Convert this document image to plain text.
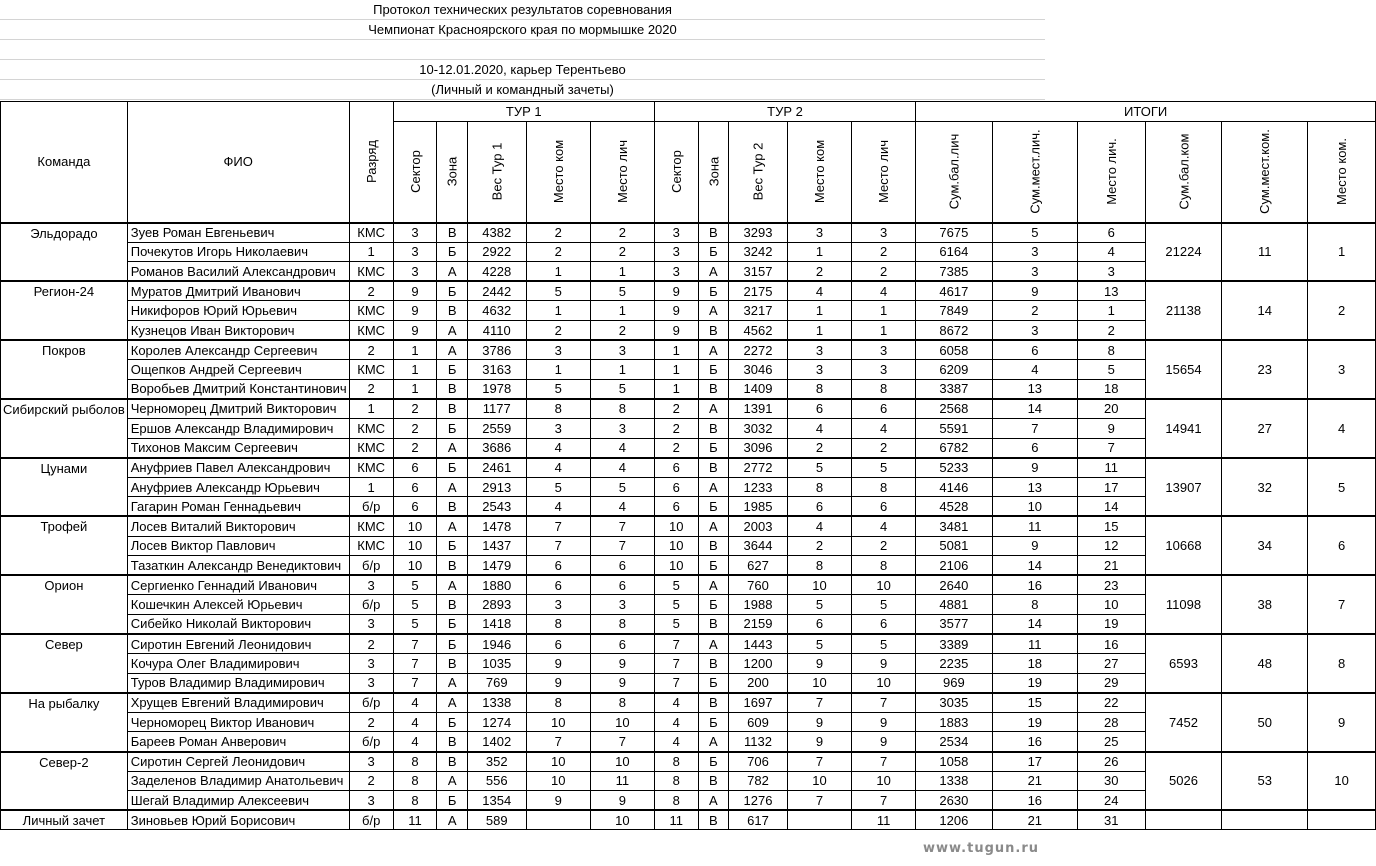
Протокол технических результатов соревнования
Чемпионат Красноярского края по мормышке 2020
10-12.01.2020, карьер Терентьево
(Личный и командный зачеты)
Команда	ФИО	Разряд	ТУР 1					ТУР 2					ИТОГИ					
			Сектор	Зона	Вес Тур 1	Место ком	Место лич	Сектор	Зона	Вес Тур 2	Место ком	Место лич	Сум.бал.лич	Сум.мест.лич.	Место лич.	Сум.бал.ком	Сум.мест.ком.	Место ком.
Эльдорадо	Зуев Роман Евгеньевич	КМС	3	В	4382	2	2	3	В	3293	3	3	7675	5	6	21224	11	1
	Почекутов Игорь Николаевич	1	3	Б	2922	2	2	3	Б	3242	1	2	6164	3	4			
	Романов Василий Александрович	КМС	3	А	4228	1	1	3	А	3157	2	2	7385	3	3			
Регион-24	Муратов Дмитрий Иванович	2	9	Б	2442	5	5	9	Б	2175	4	4	4617	9	13	21138	14	2
	Никифоров Юрий Юрьевич	КМС	9	В	4632	1	1	9	А	3217	1	1	7849	2	1			
	Кузнецов Иван Викторович	КМС	9	А	4110	2	2	9	В	4562	1	1	8672	3	2			
Покров	Королев Александр Сергеевич	2	1	А	3786	3	3	1	А	2272	3	3	6058	6	8	15654	23	3
	Ощепков Андрей Сергеевич	КМС	1	Б	3163	1	1	1	Б	3046	3	3	6209	4	5			
	Воробьев Дмитрий Константинович	2	1	В	1978	5	5	1	В	1409	8	8	3387	13	18			
Сибирский рыболов	Черноморец Дмитрий Викторович	1	2	В	1177	8	8	2	А	1391	6	6	2568	14	20	14941	27	4
	Ершов Александр Владимирович	КМС	2	Б	2559	3	3	2	В	3032	4	4	5591	7	9			
	Тихонов Максим Сергеевич	КМС	2	А	3686	4	4	2	Б	3096	2	2	6782	6	7			
Цунами	Ануфриев Павел Александрович	КМС	6	Б	2461	4	4	6	В	2772	5	5	5233	9	11	13907	32	5
	Ануфриев Александр Юрьевич	1	6	А	2913	5	5	6	А	1233	8	8	4146	13	17			
	Гагарин Роман Геннадьевич	б/р	6	В	2543	4	4	6	Б	1985	6	6	4528	10	14			
Трофей	Лосев Виталий Викторович	КМС	10	А	1478	7	7	10	А	2003	4	4	3481	11	15	10668	34	6
	Лосев Виктор Павлович	КМС	10	Б	1437	7	7	10	В	3644	2	2	5081	9	12			
	Тазаткин Александр Венедиктович	б/р	10	В	1479	6	6	10	Б	627	8	8	2106	14	21			
Орион	Сергиенко Геннадий Иванович	3	5	А	1880	6	6	5	А	760	10	10	2640	16	23	11098	38	7
	Кошечкин Алексей Юрьевич	б/р	5	В	2893	3	3	5	Б	1988	5	5	4881	8	10			
	Сибейко Николай Викторович	3	5	Б	1418	8	8	5	В	2159	6	6	3577	14	19			
Север	Сиротин Евгений Леонидович	2	7	Б	1946	6	6	7	А	1443	5	5	3389	11	16	6593	48	8
	Кочура Олег Владимирович	3	7	В	1035	9	9	7	В	1200	9	9	2235	18	27			
	Туров Владимир Владимирович	3	7	А	769	9	9	7	Б	200	10	10	969	19	29			
На рыбалку	Хрущев Евгений Владимирович	б/р	4	А	1338	8	8	4	В	1697	7	7	3035	15	22	7452	50	9
	Черноморец Виктор Иванович	2	4	Б	1274	10	10	4	Б	609	9	9	1883	19	28			
	Бареев Роман Анверович	б/р	4	В	1402	7	7	4	А	1132	9	9	2534	16	25			
Север-2	Сиротин Сергей Леонидович	3	8	В	352	10	10	8	Б	706	7	7	1058	17	26	5026	53	10
	Заделенов Владимир Анатольевич	2	8	А	556	10	11	8	В	782	10	10	1338	21	30			
	Шегай Владимир Алексеевич	3	8	Б	1354	9	9	8	А	1276	7	7	2630	16	24			
Личный зачет	Зиновьев Юрий Борисович	б/р	11	А	589		10	11	В	617		11	1206	21	31			
www.tugun.ru
